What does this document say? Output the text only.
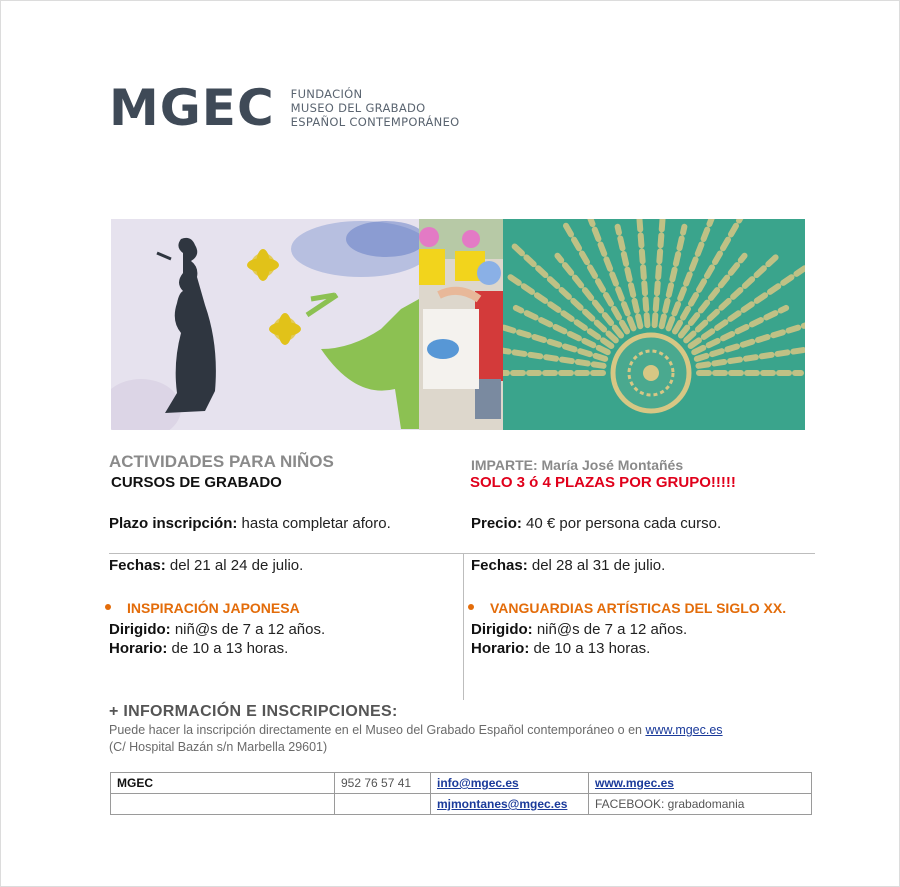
MGEC FUNDACIÓN
MUSEO DEL GRABADO
ESPAÑOL CONTEMPORÁNEO
ACTIVIDADES PARA NIÑOS
CURSOS DE GRABADO
Plazo inscripción: hasta completar aforo.
Fechas: del 21 al 24 de julio.
INSPIRACIÓN JAPONESA
Dirigido: niñ@s de 7 a 12 años.
Horario: de 10 a 13 horas.
IMPARTE: María José Montañés
SOLO 3 ó 4 PLAZAS POR GRUPO!!!!!
Precio: 40 € por persona cada curso.
Fechas: del 28 al 31 de julio.
VANGUARDIAS ARTÍSTICAS DEL SIGLO XX.
Dirigido: niñ@s de 7 a 12 años.
Horario: de 10 a 13 horas.
+ INFORMACIÓN E INSCRIPCIONES:
Puede hacer la inscripción directamente en el Museo del Grabado Español contemporáneo o en www.mgec.es
(C/ Hospital Bazán s/n Marbella 29601)
MGEC	952 76 57 41	info@mgec.es	www.mgec.es
		mjmontanes@mgec.es	FACEBOOK: grabadomania
